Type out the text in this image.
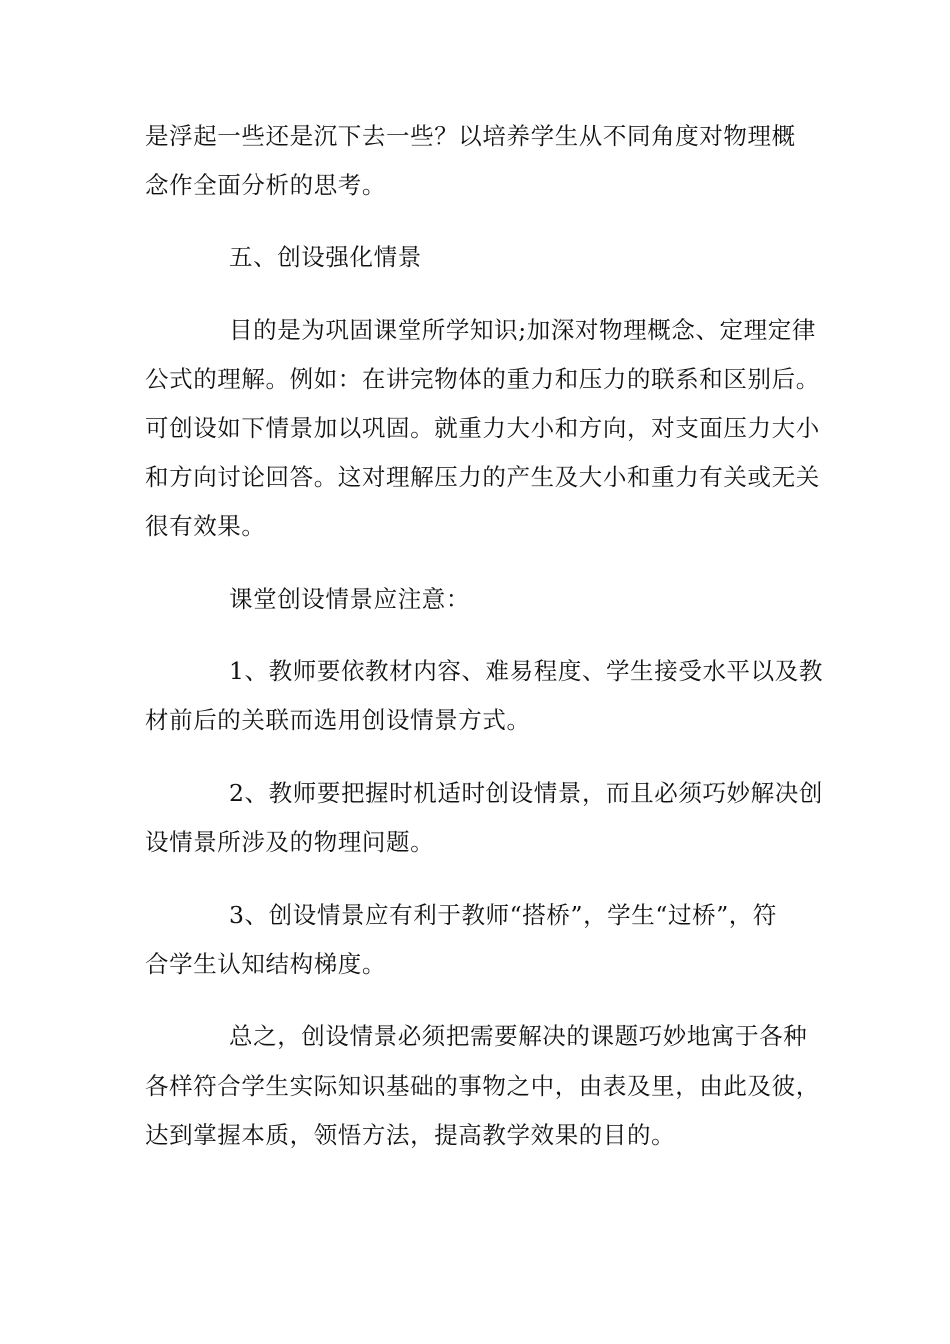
是浮起一些还是沉下去一些？以培养学生从不同角度对物理概
念作全面分析的思考。
五、创设强化情景
目的是为巩固课堂所学知识;加深对物理概念、定理定律
公式的理解。例如：在讲完物体的重力和压力的联系和区别后。
可创设如下情景加以巩固。就重力大小和方向，对支面压力大小
和方向讨论回答。这对理解压力的产生及大小和重力有关或无关
很有效果。
课堂创设情景应注意：
1、教师要依教材内容、难易程度、学生接受水平以及教
材前后的关联而选用创设情景方式。
2、教师要把握时机适时创设情景，而且必须巧妙解决创
设情景所涉及的物理问题。
3、创设情景应有利于教师“搭桥”，学生“过桥”，符
合学生认知结构梯度。
总之，创设情景必须把需要解决的课题巧妙地寓于各种
各样符合学生实际知识基础的事物之中，由表及里，由此及彼，
达到掌握本质，领悟方法，提高教学效果的目的。
